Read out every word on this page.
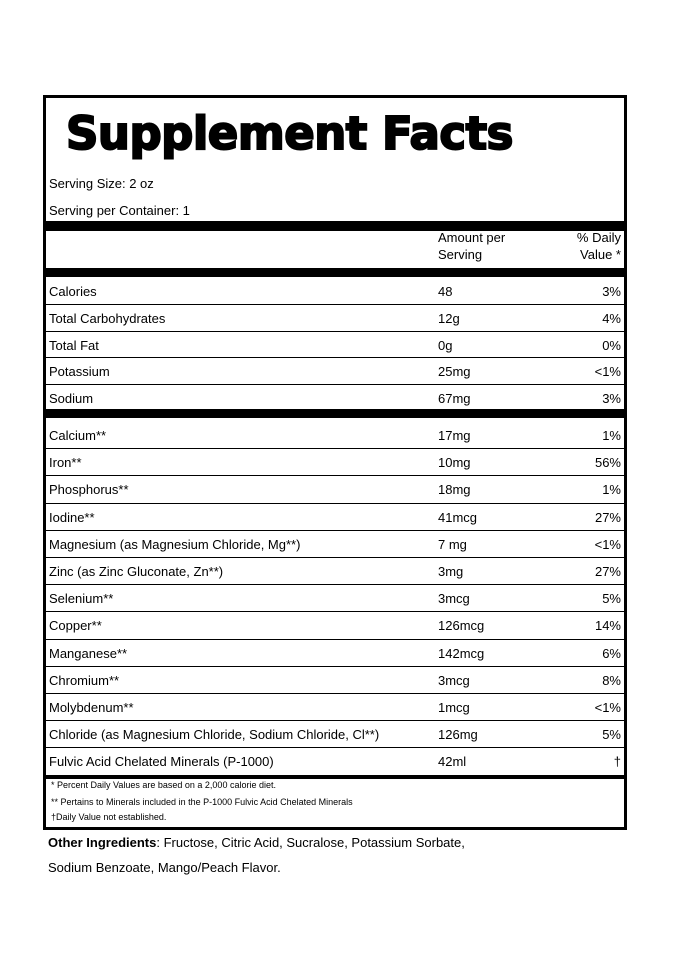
Supplement Facts
Serving Size: 2 oz
Serving per Container: 1
Amount per
Serving
% Daily
Value *
Calories	48	3%
Total Carbohydrates	12g	4%
Total Fat	0g	0%
Potassium	25mg	<1%
Sodium	67mg	3%
Calcium**	17mg	1%
Iron**	10mg	56%
Phosphorus**	18mg	1%
Iodine**	41mcg	27%
Magnesium (as Magnesium Chloride, Mg**)	7 mg	<1%
Zinc (as Zinc Gluconate, Zn**)	3mg	27%
Selenium**	3mcg	5%
Copper**	126mcg	14%
Manganese**	142mcg	6%
Chromium**	3mcg	8%
Molybdenum**	1mcg	<1%
Chloride (as Magnesium Chloride, Sodium Chloride, Cl**)	126mg	5%
Fulvic Acid Chelated Minerals (P-1000)	42ml	†
* Percent Daily Values are based on a 2,000 calorie diet.
** Pertains to Minerals included in the P-1000 Fulvic Acid Chelated Minerals
†Daily Value not established.
Other Ingredients: Fructose, Citric Acid, Sucralose, Potassium Sorbate,
Sodium Benzoate, Mango/Peach Flavor.
